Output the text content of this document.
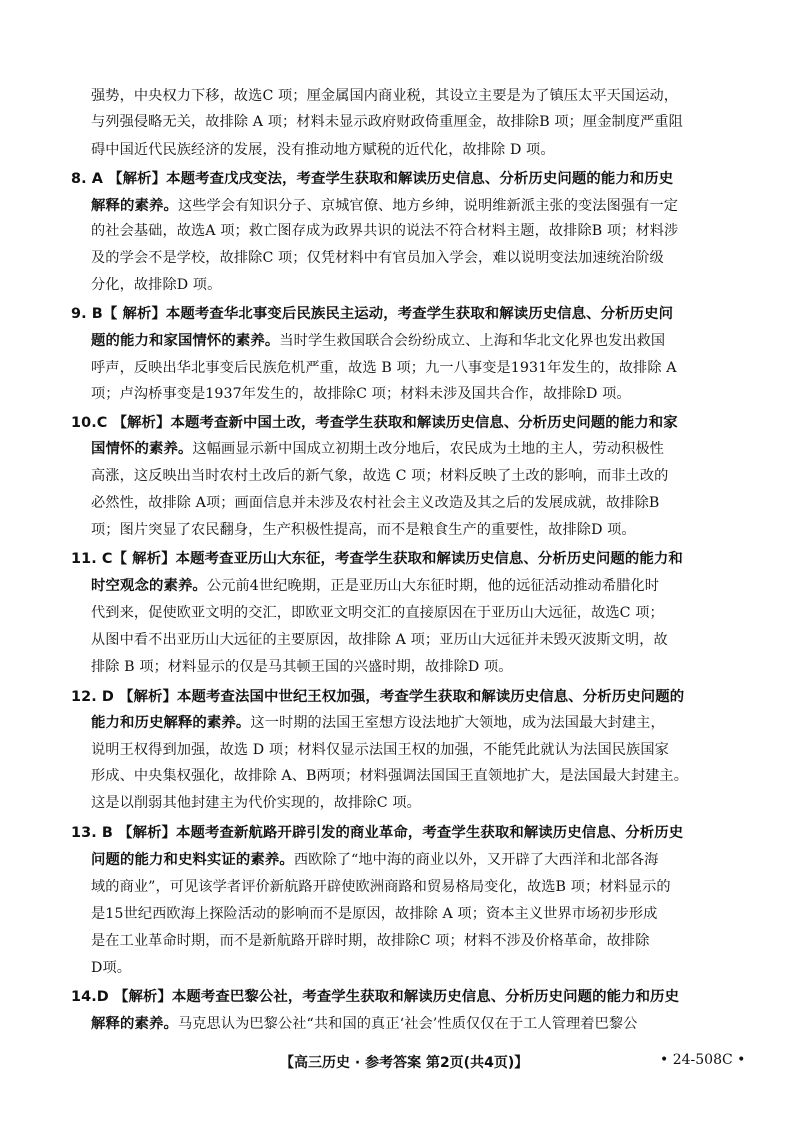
强势，中央权力下移，故选C 项；厘金属国内商业税，其设立主要是为了镇压太平天国运动，
与列强侵略无关，故排除 A 项；材料未显示政府财政倚重厘金，故排除B 项；厘金制度严重阻
碍中国近代民族经济的发展，没有推动地方赋税的近代化，故排除 D 项。
8. A 【解析】本题考查戊戌变法，考查学生获取和解读历史信息、分析历史问题的能力和历史
解释的素养。这些学会有知识分子、京城官僚、地方乡绅，说明维新派主张的变法图强有一定
的社会基础，故选A 项；救亡图存成为政界共识的说法不符合材料主题，故排除B 项；材料涉
及的学会不是学校，故排除C 项；仅凭材料中有官员加入学会，难以说明变法加速统治阶级
分化，故排除D 项。
9. B【 解析】本题考查华北事变后民族民主运动，考查学生获取和解读历史信息、分析历史问
题的能力和家国情怀的素养。当时学生救国联合会纷纷成立、上海和华北文化界也发出救国
呼声，反映出华北事变后民族危机严重，故选 B 项；九一八事变是1931年发生的，故排除 A
项；卢沟桥事变是1937年发生的，故排除C 项；材料未涉及国共合作，故排除D 项。
10.C 【解析】本题考查新中国土改，考查学生获取和解读历史信息、分析历史问题的能力和家
国情怀的素养。这幅画显示新中国成立初期土改分地后，农民成为土地的主人，劳动积极性
高涨，这反映出当时农村土改后的新气象，故选 C 项；材料反映了土改的影响，而非土改的
必然性，故排除 A项；画面信息并未涉及农村社会主义改造及其之后的发展成就，故排除B
项；图片突显了农民翻身，生产积极性提高，而不是粮食生产的重要性，故排除D 项。
11. C【 解析】本题考查亚历山大东征，考查学生获取和解读历史信息、分析历史问题的能力和
时空观念的素养。公元前4世纪晚期，正是亚历山大东征时期，他的远征活动推动希腊化时
代到来，促使欧亚文明的交汇，即欧亚文明交汇的直接原因在于亚历山大远征，故选C 项；
从图中看不出亚历山大远征的主要原因，故排除 A 项；亚历山大远征并未毁灭波斯文明，故
排除 B 项；材料显示的仅是马其顿王国的兴盛时期，故排除D 项。
12. D 【解析】本题考查法国中世纪王权加强，考查学生获取和解读历史信息、分析历史问题的
能力和历史解释的素养。这一时期的法国王室想方设法地扩大领地，成为法国最大封建主，
说明王权得到加强，故选 D 项；材料仅显示法国王权的加强，不能凭此就认为法国民族国家
形成、中央集权强化，故排除 A、B两项；材料强调法国国王直领地扩大，是法国最大封建主。
这是以削弱其他封建主为代价实现的，故排除C 项。
13. B 【解析】本题考查新航路开辟引发的商业革命，考查学生获取和解读历史信息、分析历史
问题的能力和史料实证的素养。西欧除了“地中海的商业以外，又开辟了大西洋和北部各海
域的商业”，可见该学者评价新航路开辟使欧洲商路和贸易格局变化，故选B 项；材料显示的
是15世纪西欧海上探险活动的影响而不是原因，故排除 A 项；资本主义世界市场初步形成
是在工业革命时期，而不是新航路开辟时期，故排除C 项；材料不涉及价格革命，故排除
D项。
14.D 【解析】本题考查巴黎公社，考查学生获取和解读历史信息、分析历史问题的能力和历史
解释的素养。马克思认为巴黎公社“共和国的真正‘社会’性质仅仅在于工人管理着巴黎公
【高三历史 · 参考答案 第2页(共4页)】	• 24-508C •
